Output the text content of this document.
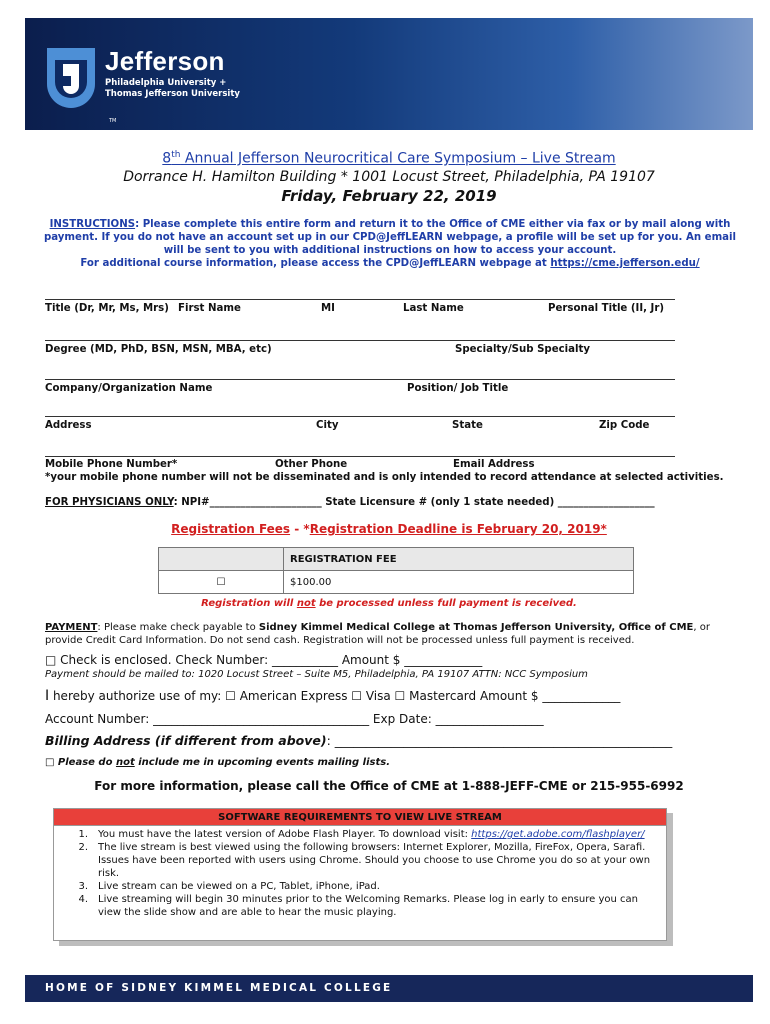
Jefferson
Philadelphia University +
Thomas Jefferson University
TM
8th Annual Jefferson Neurocritical Care Symposium – Live Stream
Dorrance H. Hamilton Building * 1001 Locust Street, Philadelphia, PA 19107
Friday, February 22, 2019
INSTRUCTIONS: Please complete this entire form and return it to the Office of CME either via fax or by mail along with payment. If you do not have an account set up in our CPD@JeffLEARN webpage, a profile will be set up for you. An email will be sent to you with additional instructions on how to access your account.
For additional course information, please access the CPD@JeffLEARN webpage at https://cme.jefferson.edu/
Title (Dr, Mr, Ms, Mrs) First Name	MI	Last Name	Personal Title (II, Jr)
Degree (MD, PhD, BSN, MSN, MBA, etc)	Specialty/Sub Specialty
Company/Organization Name	Position/ Job Title
Address	City	State	Zip Code
Mobile Phone Number*	Other Phone	Email Address
*your mobile phone number will not be disseminated and is only intended to record attendance at selected activities.
FOR PHYSICIANS ONLY: NPI#______________________ State Licensure # (only 1 state needed) ___________________
Registration Fees - *Registration Deadline is February 20, 2019*
	REGISTRATION FEE
☐	$100.00
Registration will not be processed unless full payment is received.
PAYMENT: Please make check payable to Sidney Kimmel Medical College at Thomas Jefferson University, Office of CME, or provide Credit Card Information. Do not send cash. Registration will not be processed unless full payment is received.
□ Check is enclosed. Check Number: ___________ Amount $ _____________
Payment should be mailed to: 1020 Locust Street – Suite M5, Philadelphia, PA 19107 ATTN: NCC Symposium
I hereby authorize use of my: ☐ American Express ☐ Visa ☐ Mastercard Amount $ _____________
Account Number: ____________________________________ Exp Date: __________________
Billing Address (if different from above): ______________________________________________________
□ Please do not include me in upcoming events mailing lists.
For more information, please call the Office of CME at 1-888-JEFF-CME or 215-955-6992
SOFTWARE REQUIREMENTS TO VIEW LIVE STREAM
1.	You must have the latest version of Adobe Flash Player. To download visit: https://get.adobe.com/flashplayer/
2.	The live stream is best viewed using the following browsers: Internet Explorer, Mozilla, FireFox, Opera, Sarafi. Issues have been reported with users using Chrome. Should you choose to use Chrome you do so at your own risk.
3.	Live stream can be viewed on a PC, Tablet, iPhone, iPad.
4.	Live streaming will begin 30 minutes prior to the Welcoming Remarks. Please log in early to ensure you can view the slide show and are able to hear the music playing.
HOME OF SIDNEY KIMMEL MEDICAL COLLEGE
